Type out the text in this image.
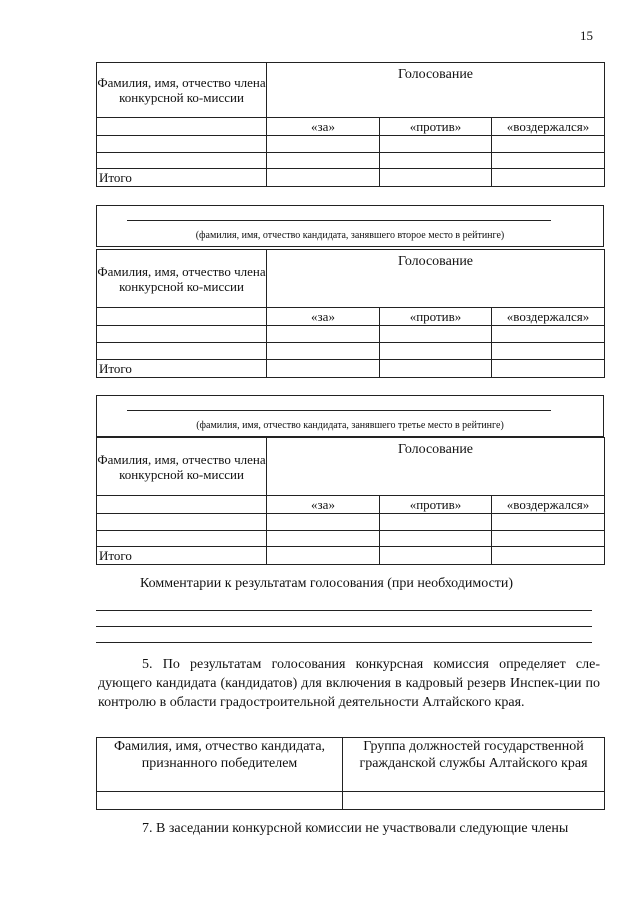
15
Фамилия, имя, отчество члена конкурсной ко-миссии	Голосование		
	«за»	«против»	«воздержался»

Итого			
(фамилия, имя, отчество кандидата, занявшего второе место в рейтинге)
Фамилия, имя, отчество члена конкурсной ко-миссии	Голосование		
	«за»	«против»	«воздержался»

Итого			
(фамилия, имя, отчество кандидата, занявшего третье место в рейтинге)
Фамилия, имя, отчество члена конкурсной ко-миссии	Голосование		
	«за»	«против»	«воздержался»

Итого			
Комментарии к результатам голосования (при необходимости)
5. По результатам голосования конкурсная комиссия определяет сле-дующего кандидата (кандидатов) для включения в кадровый резерв Инспек-ции по контролю в области градостроительной деятельности Алтайского края.
Фамилия, имя, отчество кандидата, признанного победителем	Группа должностей государственной гражданской службы Алтайского края

7. В заседании конкурсной комиссии не участвовали следующие члены
